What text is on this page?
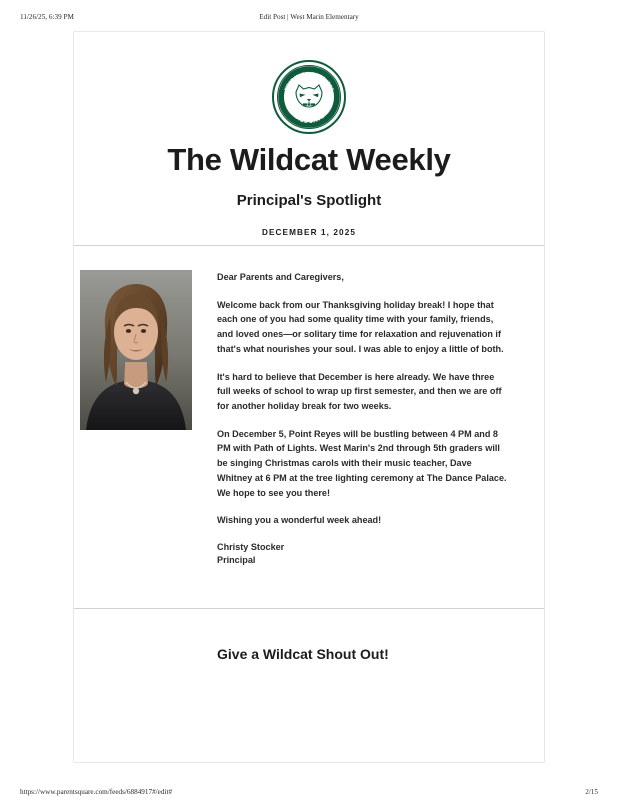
11/26/25, 6:39 PM	Edit Post | West Marin Elementary
WEST MARIN•INVERNESS
WILDCATS
The Wildcat Weekly
Principal's Spotlight
DECEMBER 1, 2025

Dear Parents and Caregivers,

Welcome back from our Thanksgiving holiday break! I hope that each one of you had some quality time with your family, friends, and loved ones—or solitary time for relaxation and rejuvenation if that's what nourishes your soul. I was able to enjoy a little of both.

It's hard to believe that December is here already. We have three full weeks of school to wrap up first semester, and then we are off for another holiday break for two weeks.

On December 5, Point Reyes will be bustling between 4 PM and 8 PM with Path of Lights. West Marin's 2nd through 5th graders will be singing Christmas carols with their music teacher, Dave Whitney at 6 PM at the tree lighting ceremony at The Dance Palace. We hope to see you there!

Wishing you a wonderful week ahead!

Christy Stocker

Principal

Give a Wildcat Shout Out!
https://www.parentsquare.com/feeds/6884917#/edit#	2/15
